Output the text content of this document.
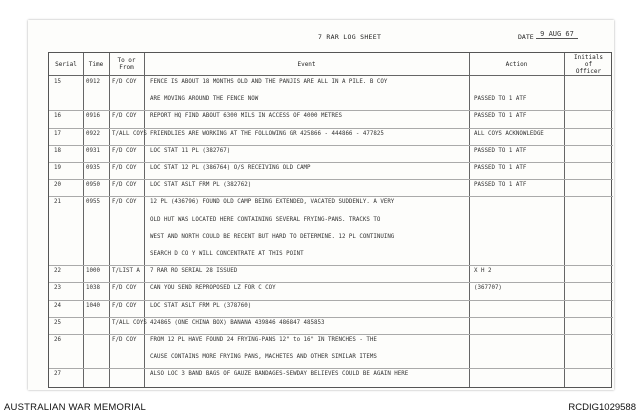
7 RAR LOG SHEET	DATE 9 AUG 67
Serial	Time
To or
From	Event	Action
Initials
of
Officer
15	0912 F/D COY FENCE IS ABOUT 18 MONTHS OLD AND THE PANJIS ARE ALL IN A PILE. B COY
ARE MOVING AROUND THE FENCE NOW	PASSED TO 1 ATF
16	0916 F/D COY REPORT HQ FIND ABOUT 6300 MILS IN ACCESS OF 4000 METRES	PASSED TO 1 ATF
17	0922 T/ALL COYS FRIENDLIES ARE WORKING AT THE FOLLOWING GR 425866 - 444866 - 477825	ALL COYS ACKNOWLEDGE
18	0931 F/D COY LOC STAT 11 PL (382767)	PASSED TO 1 ATF
19	0935 F/D COY LOC STAT 12 PL (386764) O/S RECEIVING OLD CAMP	PASSED TO 1 ATF
20	0950 F/D COY LOC STAT ASLT FRM PL (382762)	PASSED TO 1 ATF
21	0955 F/D COY 12 PL (436796) FOUND OLD CAMP BEING EXTENDED, VACATED SUDDENLY. A VERY
OLD HUT WAS LOCATED HERE CONTAINING SEVERAL FRYING-PANS. TRACKS TO
WEST AND NORTH COULD BE RECENT BUT HARD TO DETERMINE. 12 PL CONTINUING
SEARCH D CO Y WILL CONCENTRATE AT THIS POINT
22	1000 T/LIST A 7 RAR RO SERIAL 28 ISSUED	X H 2
23	1038 F/D COY CAN YOU SEND REPROPOSED LZ FOR C COY	(367707)
24	1040 F/D COY LOC STAT ASLT FRM PL (378760)
25	T/ALL COYS 424865 (ONE CHINA BOX) BANANA 439846 486847 485853
26	F/D COY FROM 12 PL HAVE FOUND 24 FRYING-PANS 12" to 16" IN TRENCHES - THE
CAUSE CONTAINS MORE FRYING PANS, MACHETES AND OTHER SIMILAR ITEMS
27	ALSO LOC 3 BAND BAGS OF GAUZE BANDAGES-SEWDAY BELIEVES COULD BE AGAIN HERE
AUSTRALIAN WAR MEMORIAL	RCDIG1029588
